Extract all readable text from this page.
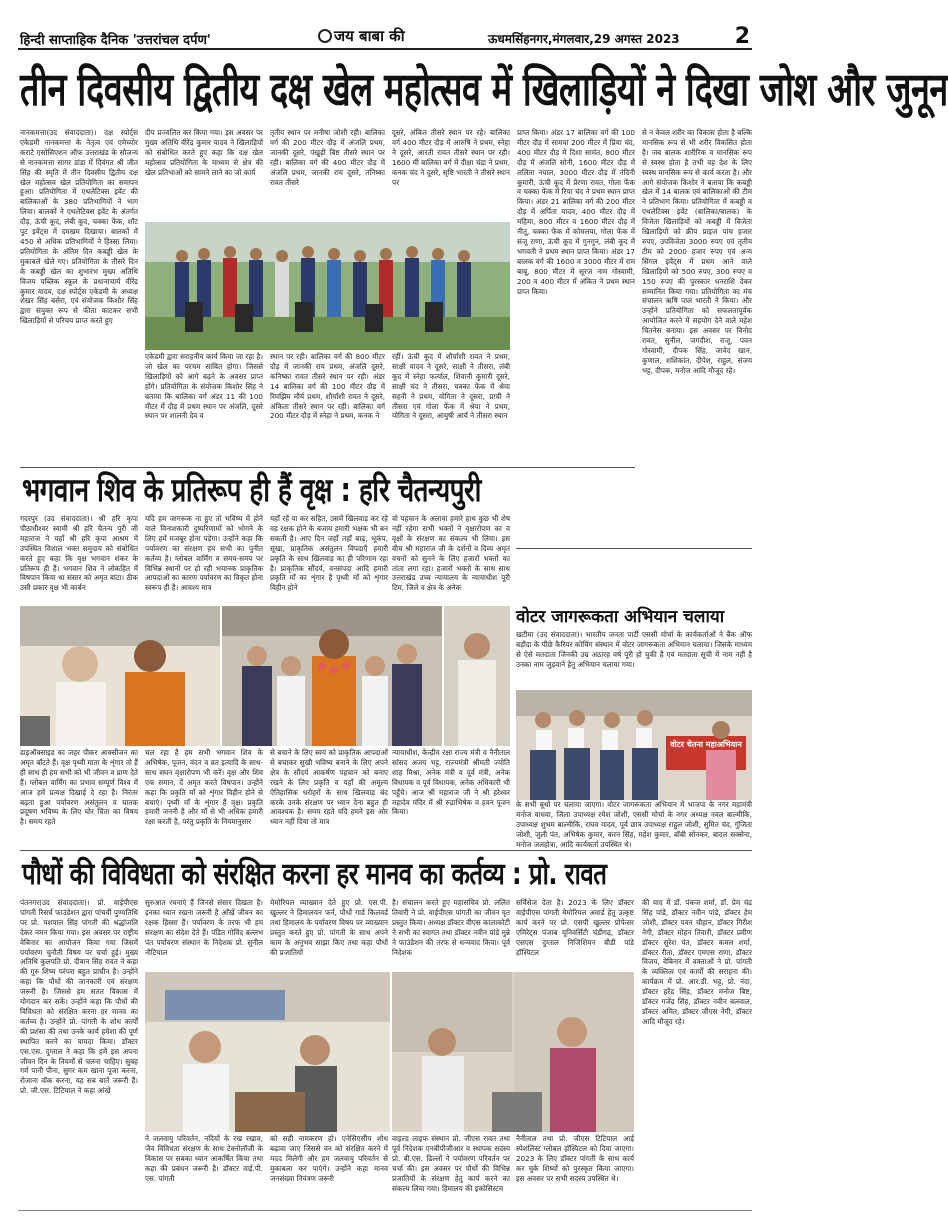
हिन्दी साप्ताहिक दैनिक 'उत्तरांचल दर्पण'	जय बाबा की	ऊधमसिंहनगर,मंगलवार,29 अगस्त 2023	2
तीन दिवसीय द्वितीय दक्ष खेल महोत्सव में खिलाड़ियों ने दिखा जोश और जुनून
नानकमत्ता(उद संवाददाता)। दक्ष स्पोर्ट्स एकेडमी नानकमत्ता के नेतृत्व एवं एमेच्योर कराटे एसोसिएशन ऑफ उत्तराखंड के सौजन्य से नानकमत्ता सागर डांडा में दिवंगत श्री जीत सिंह की स्मृति में तीन दिवसीय द्वितीय दक्ष खेल महोत्सव खेल प्रतियोगिता का समापन हुआ। प्रतियोगिता में एथलेटिक्स इवेंट की बालिकाओं के 380 प्रतिभागियों ने भाग लिया। बालकों ने एथलेटिक्स इवेंट के अंतर्गत दौड़, ऊंची कूद, लंबी कूद, चक्का फेंक, शॉट पुट इवेंट्स में दमखम दिखाया। बालकों में 450 से अधिक प्रतिभागियों ने हिस्सा लिया। प्रतियोगिता के अंतिम दिन कबड्डी खेल के मुकाबले खेले गए। प्रतियोगिता के तीसरे दिन के कबड्डी खेल का शुभारंभ मुख्य अतिथि विजय पब्लिक स्कूल के प्रधानाचार्य वीरेंद्र कुमार यादव, दक्ष स्पोर्ट्स एकेडमी के अध्यक्ष शेखर सिंह बसेरा, एवं संयोजक किशोर सिंह द्वारा संयुक्त रूप से फीता काटकर सभी खिलाड़ियों से परिचय प्राप्त करते हुए
दीप प्रज्वलित कर किया गया। इस अवसर पर मुख्य अतिथि वीरेंद्र कुमार यादव ने खिलाड़ियों को संबोधित करते हुए कहा कि दक्ष खेल महोत्सव प्रतियोगिता के माध्यम से क्षेत्र की खेल प्रतिभाओं को सामने लाने का जो कार्य
तृतीय स्थान पर मनीषा जोशी रही। बालिका वर्ग की 200 मीटर दौड़ में अंजलि प्रथम, जानकी दूसरे, पंखुड़ी बिष्ट तीसरे स्थान पर रही। बालिका वर्ग की 400 मीटर दौड़ में अंजलि प्रथम, जानकी राय दूसरे, तनिष्का रावत तीसरे
दूसरे, अंकित तीसरे स्थान पर रहे। बालिका वर्ग 400 मीटर दौड़ में आरुषि ने प्रथम, स्नेहा ने दूसरे, आरती रावत तीसरे स्थान पर रही। 1600 मी बालिका वर्ग में दीक्षा चंद्रा ने प्रथम, कनक चंद ने दूसरे, सृष्टि भारती ने तीसरे स्थान पर
प्राप्त किया। अंडर 17 बालिका वर्ग की 100 मीटर दौड़ में सामया 200 मीटर में प्रिया चंद, 400 मीटर दौड़ में दिशा सामंत, 800 मीटर दौड़ में अंजलि सोनी, 1600 मीटर दौड़ में ललिता नयाल, 3000 मीटर दौड़ में नंदिनी कुमारी, ऊंची कूद में प्रेरणा रावत, गोला फेंक व चक्का फेंक में रिया चंद ने प्रथम स्थान प्राप्त किया। अंडर 21 बालिका वर्ग की 200 मीटर दौड़ में अर्पिता यादव, 400 मीटर दौड़ में महिमा, 800 मीटर व 1600 मीटर दौड़ में नीतू, चक्का फेंक में कोमलया, गोला फेंक में संजू राणा, ऊंची कूद में गुनगुन, लंबी कूद में भगवती ने प्रथम स्थान प्राप्त किया। अंडर 17 बालक वर्ग की 1600 व 3000 मीटर में राम बाबू, 800 मीटर में सूरज नाम गोस्वामी, 200 व 400 मीटर में अंकित ने प्रथम स्थान प्राप्त किया।
से न केवल शरीर का विकास होता है बल्कि मानसिक रूप से भी शरीर विकसित होता है। जब बालक शारीरिक व मानसिक रूप से स्वस्थ होता है तभी वह देश के लिए स्वस्थ मानसिक रूप से कार्य करता है। और आगे संयोजक किशोर ने बताया कि कबड्डी खेल में 14 बालक एवं बालिकाओं की टीम ने प्रतिभाग किया। प्रतियोगिता में कबड्डी व एथलेटिक्स इवेंट (बालिका/बालक) के विजेता खिलाड़ियों को कबड्डी में विजेता खिलाड़ियों को क्रीप प्राइज पांच हजार रुपए, उपविजेता 3000 रुपए एवं तृतीय टीम को 2000 हजार रुपए एवं अन्य सिंगल इवेंट्स में प्रथम आने वाले खिलाड़ियों को 500 रुपए, 300 रुपए व 150 रुपए की पुरस्कार धनराशि देकर सम्मानित किया गया। प्रतियोगिता का मंच संचालन ऋषि पाल भारती ने किया। और उन्होंने प्रतियोगिता को सफलतापूर्वक आयोजित करने में सहयोग देने वाले महेश चितनेस बनाया। इस अवसर पर विनोद रावत, सुनील, जगदीश, राजू, पवन गोस्वामी, दीपक सिंह, जावेद खान, कुणाल, शशिकांत, दीपेश, राहुल, संजय भट्ट, दीपक, मनोज आदि मौजूद रहे।
एकेडमी द्वारा सराहनीय कार्य किया जा रहा है। जो खेल का परचम साबित होगा। जिससे खिलाड़ियों को आगे बढ़ने के अवसर प्राप्त होंगे। प्रतियोगिता के संयोजक किशोर सिंह ने बताया कि बालिका वर्ग अंडर 11 की 100 मीटर में दौड़ में प्रथम स्थान पर अंजलि, दूसरे स्थान पर शालनी देव व
स्थान पर रही। बालिका वर्ग की 800 मीटर दौड़ में जानकी राय प्रथम, अंजलि दूसरे, कनिष्का रावत तीसरे स्थान पर रही। अंडर 14 बालिका वर्ग की 100 मीटर दौड़ में रिमझिम मौर्य प्रथम, शौर्यांशी रावत ने दूसरे, अंकिता तीसरे स्थान पर रही। बालिका वर्ग 200 मीटर दौड़ में स्नेहा ने प्रथम, कनक ने
रहीं। ऊंची कूद में शौर्यांशी रावत ने प्रथम, साक्षी यादव ने दूसरे, साक्षी ने तीसरा, लंबी कूद में स्नेहा फर्त्याल, शिवानी कुमारी दूसरे, साक्षी चंद ने तीसरा, चक्का फेंक में श्रेया सहनी ने प्रथम, योगिता ने दूसरा, प्राची ने तीसरा एवं गोला फेंक में श्रेया ने प्रथम, योगिता ने दूसरा, आयुषी आर्य ने तीसरा स्थान
भगवान शिव के प्रतिरूप ही हैं वृक्ष : हरि चैतन्यपुरी
गदरपुर (उद संवाददाता)। श्री हरि कृपा पीठाधीश्वर स्वामी श्री हरि चैतन्य पुरी जी महाराज ने यहाँ श्री हरि कृपा आश्रम में उपस्थित विशाल भक्त समुदाय को संबोधित करते हुए कहा कि वृक्ष भगवान शंकर के प्रतिरूप ही हैं। भगवान शिव ने लोकहित में विषपान किया था संसार को अमृत बांटा। ठीक उसी प्रकार वृक्ष भी कार्बन
यदि हम जागरूक ना हुए तो भविष्य में होने वाले विनाशकारी दुष्परिणामों को भोगने के लिए हमें मजबूर होना पड़ेगा। उन्होंने कहा कि पर्यावरण का संरक्षण हम सभी का पुनीत कर्तव्य है। ग्लोबल वार्मिंग व समय-समय पर विभिन्न स्थानों पर हो रही भयानक प्राकृतिक आपदाओं का कारण पर्यावरण का विकृत होना स्वरूप ही है। आवश्य मात्र
यहाँ रहें या कर सहित, उसमें खिलवाड़ कर रहे वह रक्षक होने के बजाय हमारी भक्षक भी बन सकती है। आए दिन जहाँ तहाँ बाढ़, भूकंप, सूखा, प्राकृतिक असंतुलन विपदाएँ हमारी प्रकृति के साथ खिलवाड़ का ही परिणाम रहा है। प्राकृतिक सौंदर्य, वनसंपदा आदि हमारी प्रकृति माँ का शृंगार है पृथ्वी माँ को शृंगार विहीन होने
वो पहचान के अलावा हमारे हाथ कुछ भी शेष नहीं रहेगा सभी भक्तों ने वृक्षारोपण का व वृक्षों के संरक्षण का संकल्प भी लिया। इस बीच श्री महाराज जी के दर्शनों व दिव्य अमृत वचनों को सुनने के लिए हजारों भक्तों का तांता लगा रहा। हजारों भक्तों के साथ साथ उत्तराखंड उच्च न्यायालय के न्यायाधीश पूरी टिम, जिले व क्षेत्र के अनेक
डाइऑक्साइड का जहर पीकर आक्सीजन का अमृत बाँटते हैं। वृक्ष पृथ्वी माता के शृंगार तो हैं ही साथ ही हम सभी को भी जीवन व प्राण देते हैं। ग्लोबल वार्मिंग का प्रभाव सम्पूर्ण विश्व में आज हमें प्रत्यक्ष दिखाई दे रहा है। निरंतर बढ़ता हुआ पर्यावरण असंतुलन व घातक प्रदूषण भविष्य के लिए घोर चिंता का विषय है। समय रहते
चल रहा है हम सभी भगवान शिव के अभिषेक, पूजन, वंदन व व्रत इत्यादि के साथ-साथ सघन वृक्षारोपण भी करें। वृक्ष और शिव एक समान, दें अमृत करते विषपान। उन्होंने कहा कि प्रकृति माँ को शृंगार विहीन होने से बचाएं। पृथ्वी माँ के शृंगार हैं वृक्ष। प्रकृति हमारी जननी है और माँ से भी अधिक हमारी रक्षा करती है, परंतु प्रकृति के नियमानुसार
से बचाने के लिए स्वयं को प्राकृतिक आपदाओं से बचाकर सुखी भविष्य बनाने के लिए अपने क्षेत्र के सौंदर्य आकर्षण पहचान को बनाए रखने के लिए प्रकृति व यहाँ की अमूल्य ऐतिहासिक धरोहरों के साथ खिलवाड़ बंद करके उनके संरक्षण पर ध्यान देना बहुत ही आवश्यक है। समय रहते यदि हमने इस ओर ध्यान नहीं दिया तो मात्र
न्यायाधीश, केन्द्रीय रक्षा राज्य मंत्री व नैनीताल सांसद अजय भट्ट, राज्यमंत्री श्रीमती ज्योति शाह मिश्रा, अनेक मंत्री व पूर्व मंत्री, अनेक विधायक व पूर्व विधायक, अनेक अधिकारी भी पहुँचे। आज श्री महाराज जी ने श्री हरेश्वर महादेव मंदिर में श्री रुद्राभिषेक व हवन पूजन किया।
वोटर जागरूकता अभियान चलाया
खटीमा (उद संवाददाता)। भारतीय जनता पार्टी एससी मोर्चा के कार्यकर्ताओं ने बैंक ऑफ बड़ौदा के पीछे कैरियर कोचिंग संस्थान में वोटर जागरूकता अभियान चलाया। जिसके माध्यम से ऐसे मतदाता जिनकी उम्र अठारह वर्ष पूरी हो चुकी है एवं मतदाता सूची में नाम नहीं है उनका नाम जुड़वाने हेतु अभियान चलाया गया।
वोटर चेतना महाअभियान
के सभी बूथों पर चलाया जाएगा। वोटर जागरूकता अभियान में भाजपा के नगर महामंत्री मनोज वाधवा, जिला उपाध्यक्ष रमेश जोशी, एससी मोर्चा के नगर अध्यक्ष नवल बाल्मीकि, उपाध्यक्ष शुभम बाल्मीकि, राघव यादव, पूर्व छात्र उपाध्यक्ष राहुल जोशी, सुमित चंद, गुंजिता जोशी, जुली पंत, अभिषेक कुमार, करन सिंह, महेश कुमार, बॉबी सोनकर, बादल सक्सेना, मनोज जलहोत्रा, आदि कार्यकर्ता उपस्थित थे।
पौधों की विविधता को संरक्षित करना हर मानव का कर्तव्य : प्रो. रावत
पंतनगर(उद संवाददाता)। प्रो. वाईपीएस पांगती रिसर्च फाउंडेशन द्वारा पांचवीं पुण्यतिथि पर प्रो. यशपाल सिंह पांगती की श्रद्धांजलि देकर नमन किया गया। इस अवसर पर राष्ट्रीय वेबिनार का आयोजन किया गया जिसमें पर्यावरण चुनौती विषय पर चर्चा हुई। मुख्य अतिथि कुलपति प्रो. दीवान सिंह रावत ने कहा की गुरु शिष्य परंपरा बहुत प्राचीन है। उन्होंने कहा कि पौधों की जानकारी एवं संरक्षण जरूरी है। जिससे हम सतत विकास में योगदान कर सकें। उन्होंने कहा कि पौधों की विविधता को संरक्षित करना हर मानव का कर्तव्य है। उन्होंने प्रो. पांगती के शोध कार्यों की प्रशंसा की तथा उनके कार्य हमेशा की पूर्ण स्थापित करने का वायदा किया। डॉक्टर एस.एस. दुग्ताल ने कहा कि हमें इस अपना जीवन दिन के नियमों से चलना चाहिए। सुबह गर्म पानी पीना, सुगर कम खाना पूजा करना, रोजाना वॉक करना, यह सब बातें जरूरी हैं। प्रो. जी.एस. टिटियाल ने कहा आंखें
सुरुआत रचनाएं हैं जिनसे संसार दिखता है। इनका ध्यान रखना जरूरी है आँखें जीवन का रक्षक हिस्सा हैं। पर्यावरण के तरफ भी हम संरक्षण का संदेश देते हैं। पंडित गोविंद बल्लभ पंत पर्यावरण संस्थान के निदेशक प्रो. सुनील नौटियाल
मेमोरियल व्याख्यान देते हुए प्रो. एस.पी. खुल्लर ने हिमालयन फर्न, पौधों गार्ड किलवर्ड तथा हिमालय के पर्यावरण विषय पर व्याख्यान प्रस्तुत करते हुए प्रो. पांगती के साथ अपने काम के अनुभव साझा किए तथा कहा पौधों की प्रजातियों
है। संचालन करते हुए महासचिव प्रो. ललित तिवारी ने प्रो. वाईपीएस पांगती का जीवन वृत प्रस्तुत किया। अध्यक्ष डॉक्टर वीएस कालाकोटी ने सभी का स्वागत तथा डॉक्टर नवीन पांडे मुन्ने ने फाउंडेशन की तरफ से धन्यवाद किया। पूर्व निदेशक
सर्विसेज देता है। 2023 के लिए डॉक्टर वाईपीएस पांगती मेमोरियल अवार्ड हेतु उत्कृष्ट कार्य करने पर प्रो. एसपी खुल्लर प्रोफेसर एमिरेट्स पंजाब यूनिवर्सिटी चंडीगढ़, डॉक्टर एसएस दुग्ताल निजिशियन बीडी पांडे हॉस्पिटल
की याद में डॉ. पंकज शर्मा, डॉ. प्रेम चंद्र सिंह पांडे, डॉक्टर नवीन पांडे, डॉक्टर हेम जोशी, डॉक्टर पवन चौहान, डॉक्टर गिरीश नेगी, डॉक्टर मोहन तिवारी, डॉक्टर प्रवीण डॉक्टर सुरेश पंत, डॉक्टर कमल शर्मा, डॉक्टर रीता, डॉक्टर एमएस राणा, डॉक्टर विजय, वेबिनार में वक्ताओं ने प्रो. पांगती के व्यक्तित्व एवं कार्यों की सराहना की। कार्यक्रम में प्रो. आर.डी. भट्ट, प्रो. नंदा, डॉक्टर हरेंद्र सिंह, डॉक्टर मनोज बिष्ट, डॉक्टर गजेंद्र सिंह, डॉक्टर नवीन बलवाल, डॉक्टर अमित, डॉक्टर जीएस नेगी, डॉक्टर आदि मौजूद रहे।
ने जलवायु परिवर्तन, नदियों के रख रखाव, जैव विविधता संरक्षण के साथ टेक्नोलॉजी के विकास पर सबका ध्यान आकर्षित किया तथा कहा की प्रबंधन जरूरी है। डॉक्टर वाई.पी. एस. पांगती
को सही नामकरण हो। एनेसिएसीय शोध बढ़ावा जाए जिससे वन को संरक्षित करने में मदद मिलेगी और हम जलवायु परिवर्तन से मुकाबला कर पाएंगे। उन्होंने कहा मानव जनसंख्या नियंत्रण जरूरी
वाइल्ड लाइफ संस्थान प्रो. जीएस रावत तथा पूर्व निदेशक एनबीपीजीआर व स्थापक सदस्य प्रो. बी.एस. ढिल्लों ने पर्यावरण परिवर्तन पर चर्चा की। इस अवसर पर पौधों की विभिन्न प्रजातियों के संरक्षण हेतु कार्य करने का संकल्प लिया गया। हिमालय की इकोसिस्टम
नैनीताल तथा प्रो. जीएस टिटियाल आई स्पेशलिस्ट ग्लोबल हॉस्पिटल को दिया जाएगा। 2023 के लिए डॉक्टर पांगती के साथ कार्य कर चुके शिष्यों को पुरस्कृत किया जाएगा। इस अवसर पर सभी सदस्य उपस्थित थे।
